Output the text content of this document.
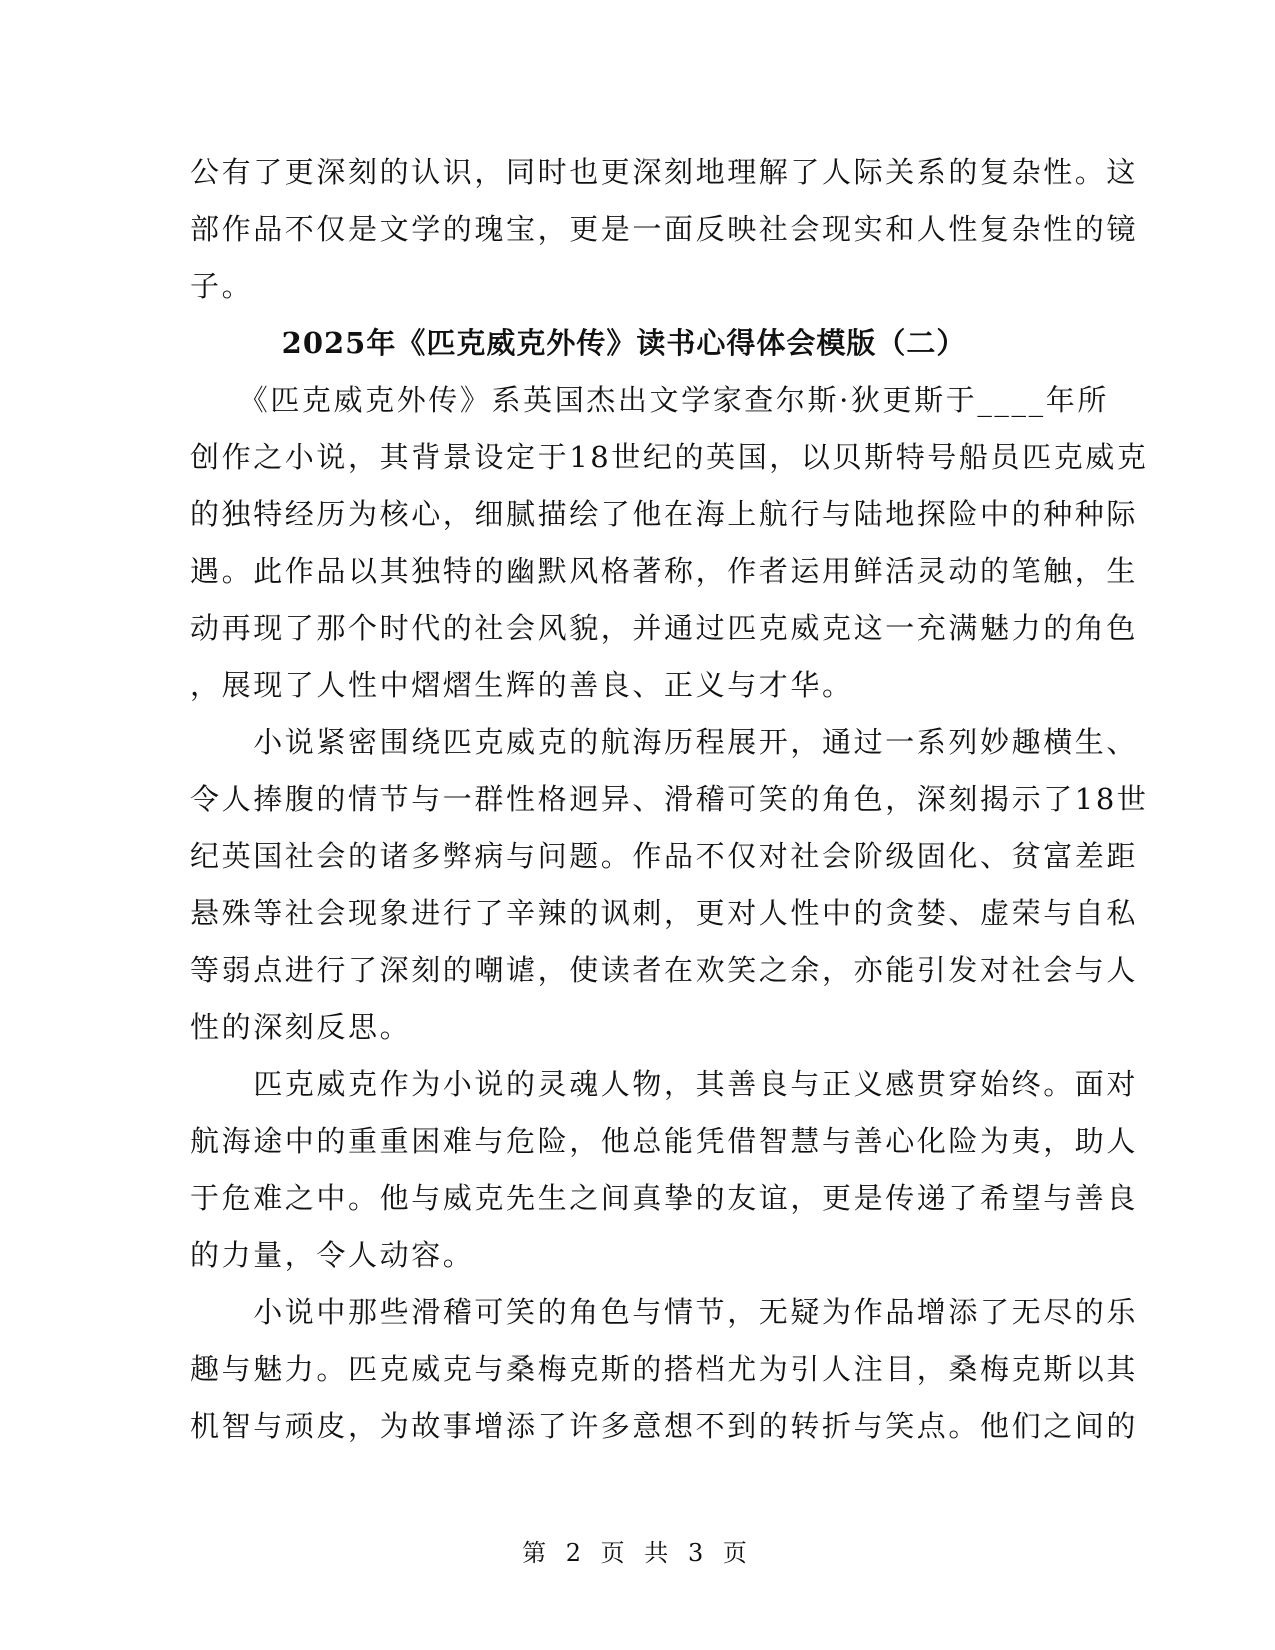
公有了更深刻的认识，同时也更深刻地理解了人际关系的复杂性。这
部作品不仅是文学的瑰宝，更是一面反映社会现实和人性复杂性的镜
子。
2025年《匹克威克外传》读书心得体会模版（二）
　　《匹克威克外传》系英国杰出文学家查尔斯·狄更斯于____年所
创作之小说，其背景设定于18世纪的英国，以贝斯特号船员匹克威克
的独特经历为核心，细腻描绘了他在海上航行与陆地探险中的种种际
遇。此作品以其独特的幽默风格著称，作者运用鲜活灵动的笔触，生
动再现了那个时代的社会风貌，并通过匹克威克这一充满魅力的角色
，展现了人性中熠熠生辉的善良、正义与才华。
　　小说紧密围绕匹克威克的航海历程展开，通过一系列妙趣横生、
令人捧腹的情节与一群性格迥异、滑稽可笑的角色，深刻揭示了18世
纪英国社会的诸多弊病与问题。作品不仅对社会阶级固化、贫富差距
悬殊等社会现象进行了辛辣的讽刺，更对人性中的贪婪、虚荣与自私
等弱点进行了深刻的嘲谑，使读者在欢笑之余，亦能引发对社会与人
性的深刻反思。
　　匹克威克作为小说的灵魂人物，其善良与正义感贯穿始终。面对
航海途中的重重困难与危险，他总能凭借智慧与善心化险为夷，助人
于危难之中。他与威克先生之间真挚的友谊，更是传递了希望与善良
的力量，令人动容。
　　小说中那些滑稽可笑的角色与情节，无疑为作品增添了无尽的乐
趣与魅力。匹克威克与桑梅克斯的搭档尤为引人注目，桑梅克斯以其
机智与顽皮，为故事增添了许多意想不到的转折与笑点。他们之间的
第 2 页 共 3 页
